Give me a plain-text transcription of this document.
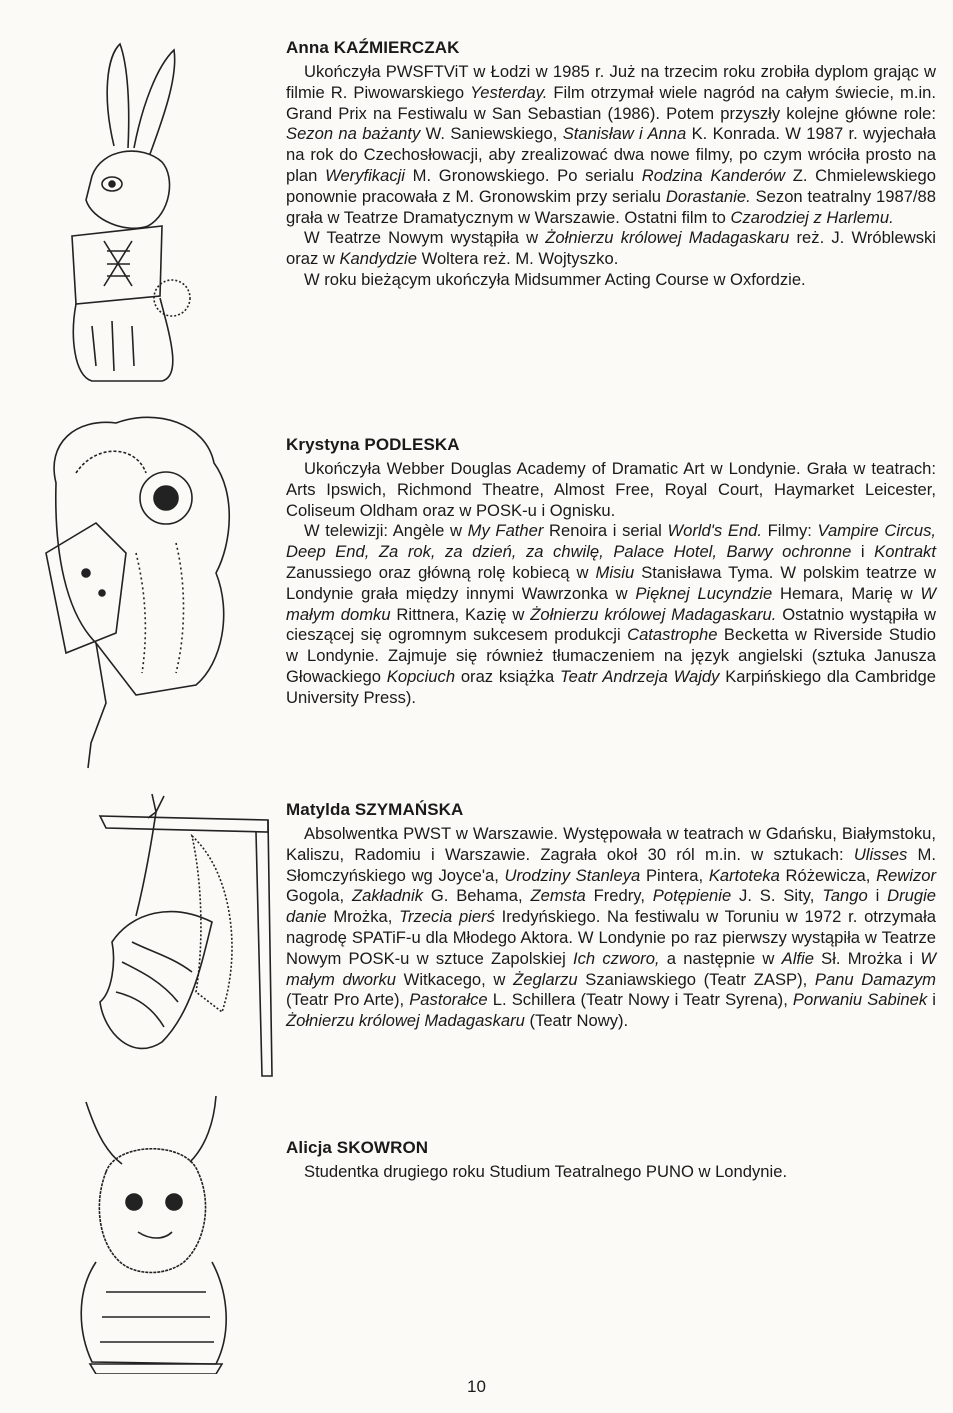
Anna KAŹMIERCZAK

Ukończyła PWSFTViT w Łodzi w 1985 r. Już na trzecim roku zrobiła dyplom grając w filmie R. Piwowarskiego Yesterday. Film otrzymał wiele nagród na całym świecie, m.in. Grand Prix na Festiwalu w San Sebastian (1986). Potem przyszły kolejne główne role: Sezon na bażanty W. Saniewskiego, Stanisław i Anna K. Konrada. W 1987 r. wyjechała na rok do Czechosłowacji, aby zrealizować dwa nowe filmy, po czym wróciła prosto na plan Weryfikacji M. Gronowskiego. Po serialu Rodzina Kanderów Z. Chmielewskiego ponownie pracowała z M. Gronowskim przy serialu Dorastanie. Sezon teatralny 1987/88 grała w Teatrze Dramatycznym w Warszawie. Ostatni film to Czarodziej z Harlemu.

W Teatrze Nowym wystąpiła w Żołnierzu królowej Madagaskaru reż. J. Wróblewski oraz w Kandydzie Woltera reż. M. Wojtyszko.

W roku bieżącym ukończyła Midsummer Acting Course w Oxfordzie.

Krystyna PODLESKA

Ukończyła Webber Douglas Academy of Dramatic Art w Londynie. Grała w teatrach: Arts Ipswich, Richmond Theatre, Almost Free, Royal Court, Haymarket Leicester, Coliseum Oldham oraz w POSK-u i Ognisku.

W telewizji: Angèle w My Father Renoira i serial World's End. Filmy: Vampire Circus, Deep End, Za rok, za dzień, za chwilę, Palace Hotel, Barwy ochronne i Kontrakt Zanussiego oraz główną rolę kobiecą w Misiu Stanisława Tyma. W polskim teatrze w Londynie grała między innymi Wawrzonka w Pięknej Lucyndzie Hemara, Marię w W małym domku Rittnera, Kazię w Żołnierzu królowej Madagaskaru. Ostatnio wystąpiła w cieszącej się ogromnym sukcesem produkcji Catastrophe Becketta w Riverside Studio w Londynie. Zajmuje się również tłumaczeniem na język angielski (sztuka Janusza Głowackiego Kopciuch oraz książka Teatr Andrzeja Wajdy Karpińskiego dla Cambridge University Press).

Matylda SZYMAŃSKA

Absolwentka PWST w Warszawie. Występowała w teatrach w Gdańsku, Białymstoku, Kaliszu, Radomiu i Warszawie. Zagrała okoł 30 ról m.in. w sztukach: Ulisses M. Słomczyńskiego wg Joyce'a, Urodziny Stanleya Pintera, Kartoteka Różewicza, Rewizor Gogola, Zakładnik G. Behama, Zemsta Fredry, Potępienie J. S. Sity, Tango i Drugie danie Mrożka, Trzecia pierś Iredyńskiego. Na festiwalu w Toruniu w 1972 r. otrzymała nagrodę SPATiF-u dla Młodego Aktora. W Londynie po raz pierwszy wystąpiła w Teatrze Nowym POSK-u w sztuce Zapolskiej Ich czworo, a następnie w Alfie Sł. Mrożka i W małym dworku Witkacego, w Żeglarzu Szaniawskiego (Teatr ZASP), Panu Damazym (Teatr Pro Arte), Pastorałce L. Schillera (Teatr Nowy i Teatr Syrena), Porwaniu Sabinek i Żołnierzu królowej Madagaskaru (Teatr Nowy).

Alicja SKOWRON

Studentka drugiego roku Studium Teatralnego PUNO w Londynie.

10
